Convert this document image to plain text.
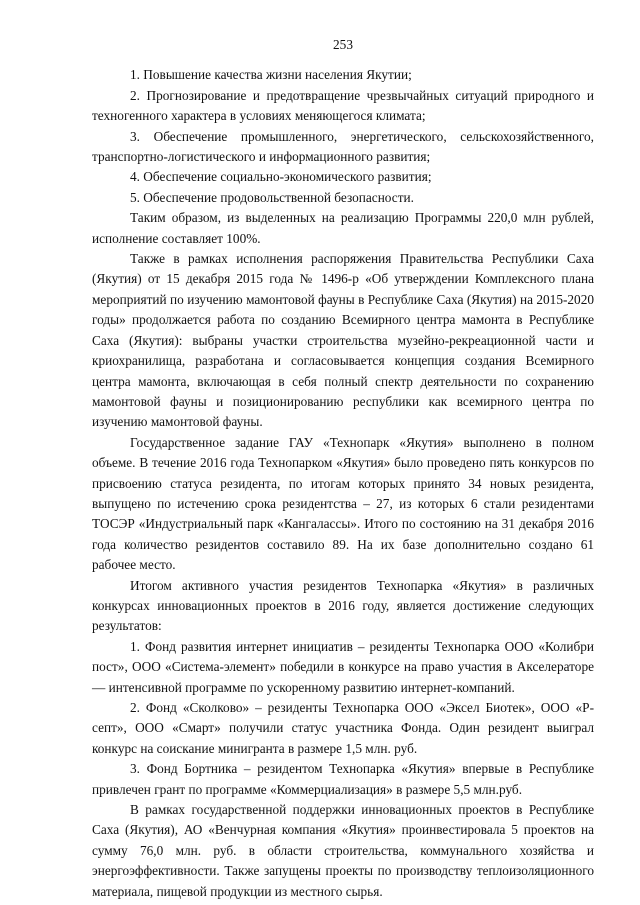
253

1. Повышение качества жизни населения Якутии;

2. Прогнозирование и предотвращение чрезвычайных ситуаций природного и техногенного характера в условиях меняющегося климата;

3. Обеспечение промышленного, энергетического, сельскохозяйственного, транспортно-логистического и информационного развития;

4. Обеспечение социально-экономического развития;

5. Обеспечение продовольственной безопасности.

Таким образом, из выделенных на реализацию Программы 220,0 млн рублей, исполнение составляет 100%.

Также в рамках исполнения распоряжения Правительства Республики Саха (Якутия) от 15 декабря 2015 года № 1496-р «Об утверждении Комплексного плана мероприятий по изучению мамонтовой фауны в Республике Саха (Якутия) на 2015-2020 годы» продолжается работа по созданию Всемирного центра мамонта в Республике Саха (Якутия): выбраны участки строительства музейно-рекреационной части и криохранилища, разработана и согласовывается концепция создания Всемирного центра мамонта, включающая в себя полный спектр деятельности по сохранению мамонтовой фауны и позиционированию республики как всемирного центра по изучению мамонтовой фауны.

Государственное задание ГАУ «Технопарк «Якутия» выполнено в полном объеме. В течение 2016 года Технопарком «Якутия» было проведено пять конкурсов по присвоению статуса резидента, по итогам которых принято 34 новых резидента, выпущено по истечению срока резидентства – 27, из которых 6 стали резидентами ТОСЭР «Индустриальный парк «Кангалассы». Итого по состоянию на 31 декабря 2016 года количество резидентов составило 89. На их базе дополнительно создано 61 рабочее место.

Итогом активного участия резидентов Технопарка «Якутия» в различных конкурсах инновационных проектов в 2016 году, является достижение следующих результатов:

1. Фонд развития интернет инициатив – резиденты Технопарка ООО «Колибри пост», ООО «Система-элемент» победили в конкурсе на право участия в Акселераторе — интенсивной программе по ускоренному развитию интернет-компаний.

2. Фонд «Сколково» – резиденты Технопарка ООО «Эксел Биотек», ООО «Р-септ», ООО «Смарт» получили статус участника Фонда. Один резидент выиграл конкурс на соискание минигранта в размере 1,5 млн. руб.

3. Фонд Бортника – резидентом Технопарка «Якутия» впервые в Республике привлечен грант по программе «Коммерциализация» в размере 5,5 млн.руб.

В рамках государственной поддержки инновационных проектов в Республике Саха (Якутия), АО «Венчурная компания «Якутия» проинвестировала 5 проектов на сумму 76,0 млн. руб. в области строительства, коммунального хозяйства и энергоэффективности. Также запущены проекты по производству теплоизоляционного материала, пищевой продукции из местного сырья.
